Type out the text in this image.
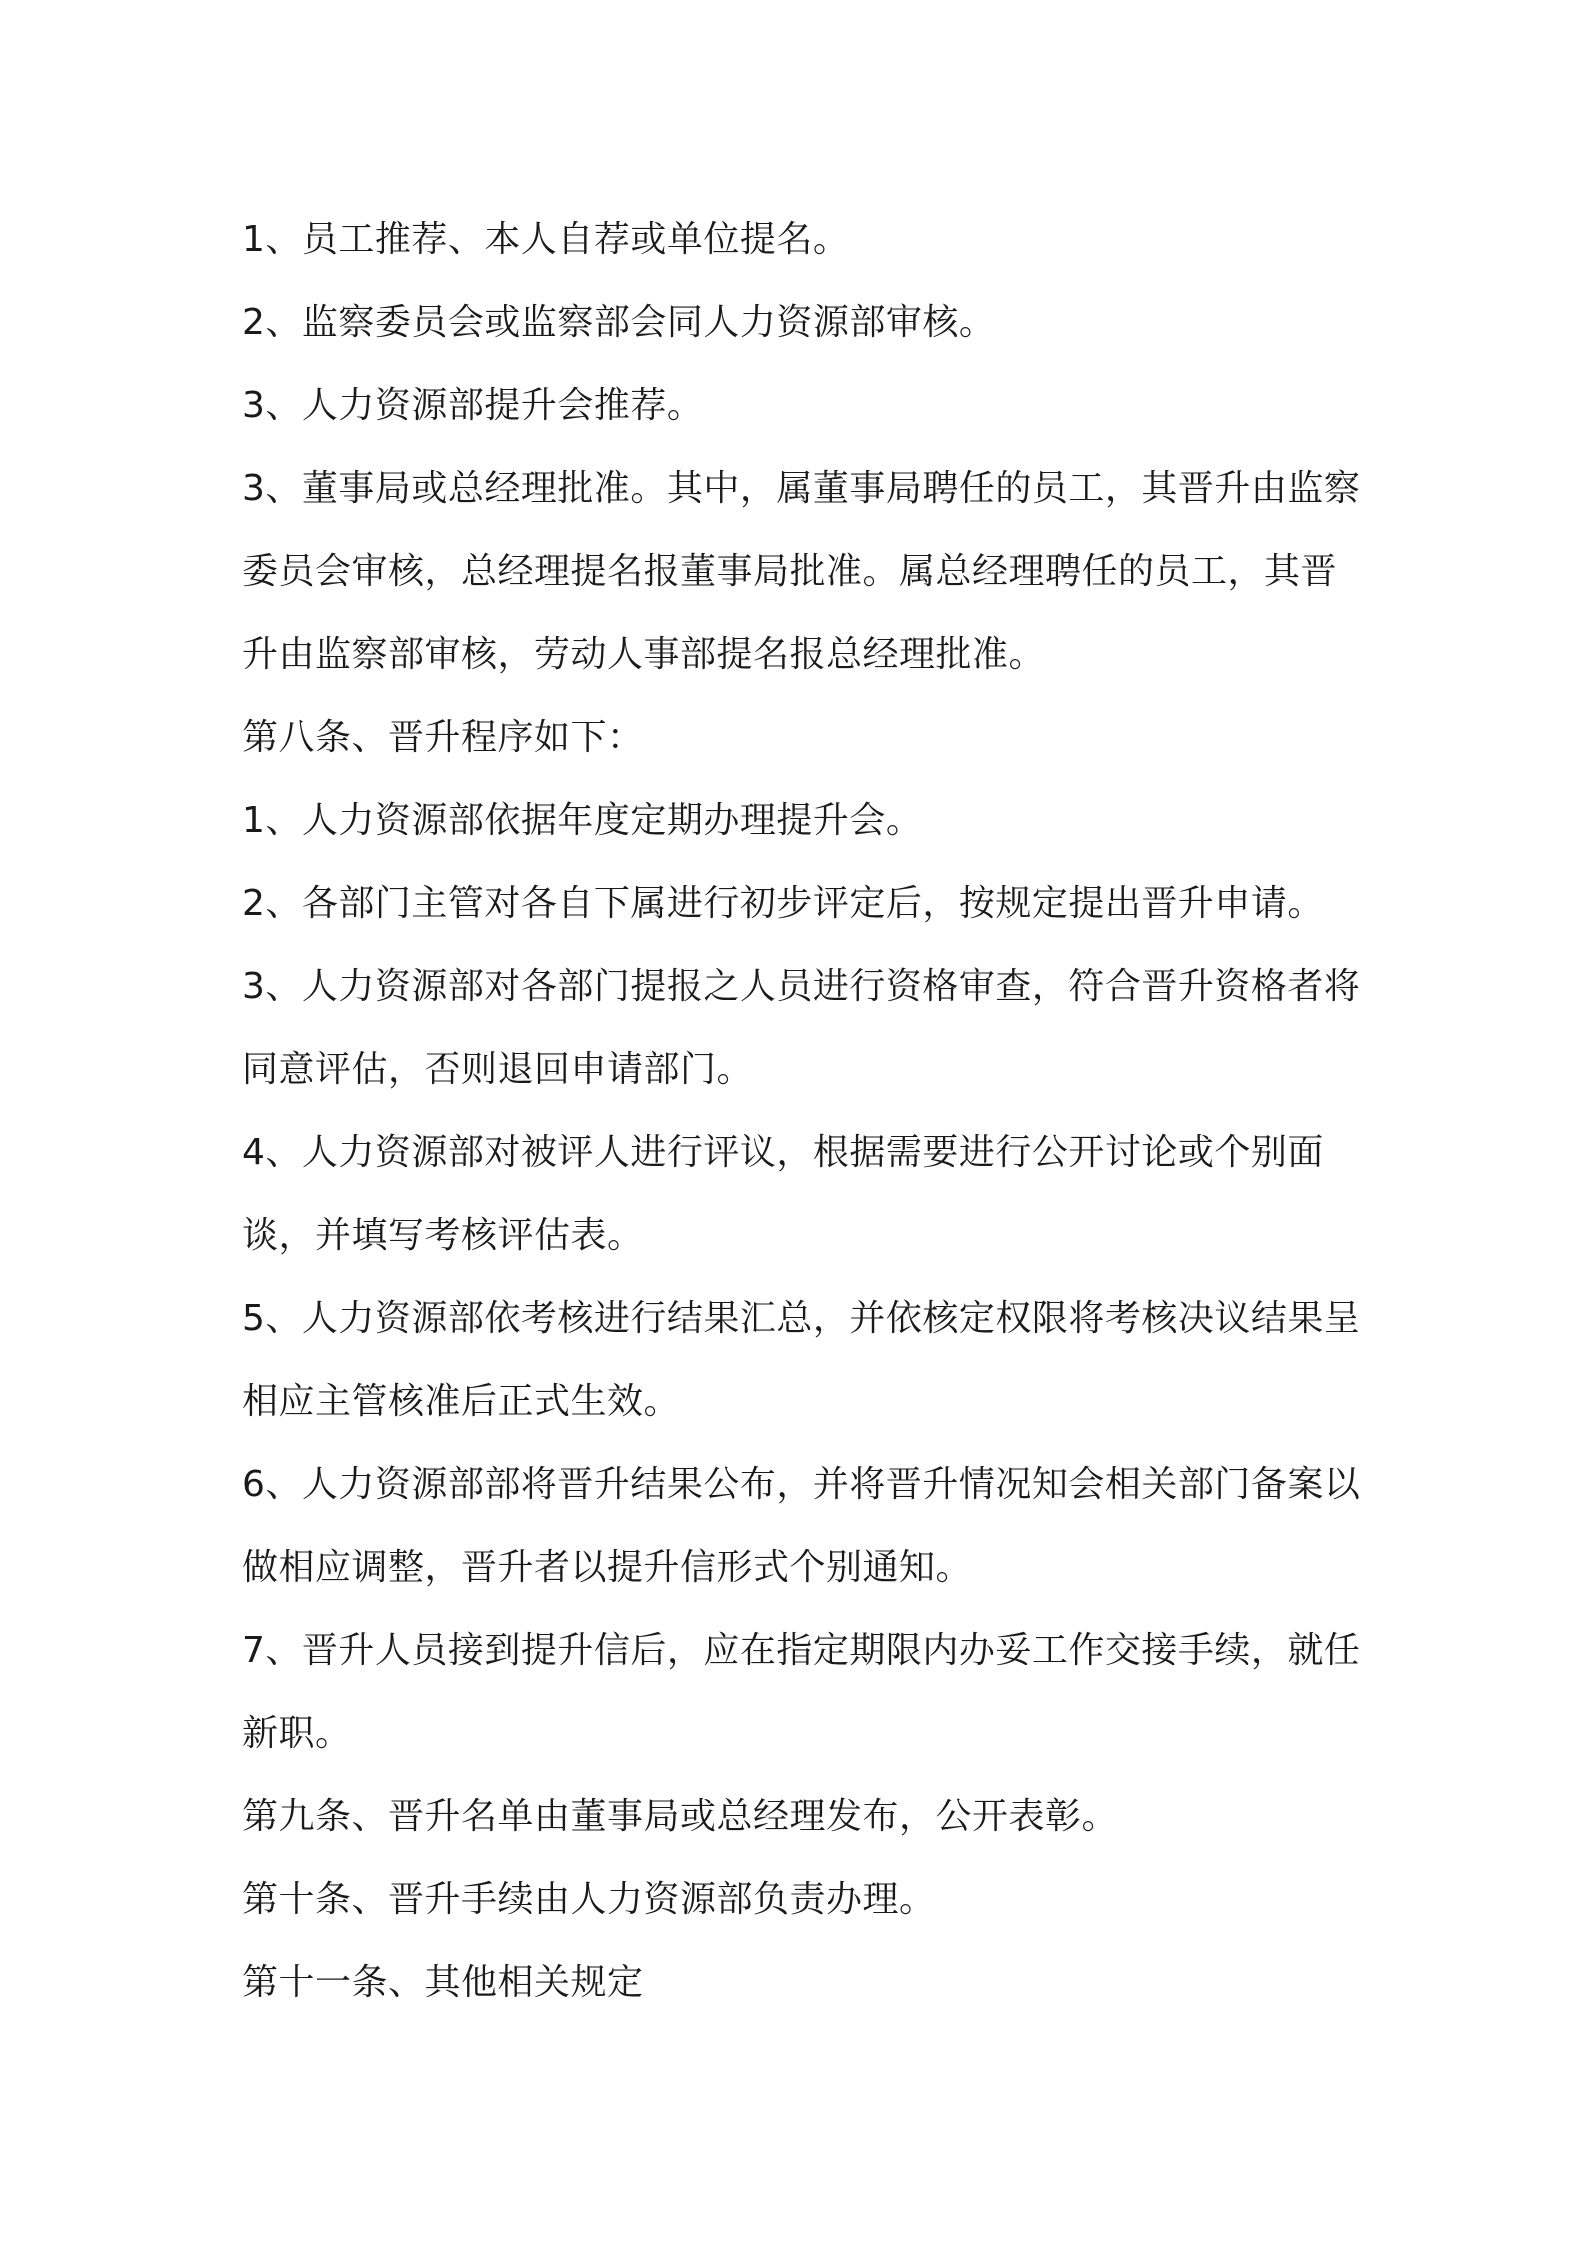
1、员工推荐、本人自荐或单位提名。

2、监察委员会或监察部会同人力资源部审核。

3、人力资源部提升会推荐。

3、董事局或总经理批准。其中，属董事局聘任的员工，其晋升由监察委员会审核，总经理提名报董事局批准。属总经理聘任的员工，其晋升由监察部审核，劳动人事部提名报总经理批准。

第八条、晋升程序如下：

1、人力资源部依据年度定期办理提升会。

2、各部门主管对各自下属进行初步评定后，按规定提出晋升申请。

3、人力资源部对各部门提报之人员进行资格审查，符合晋升资格者将同意评估，否则退回申请部门。

4、人力资源部对被评人进行评议，根据需要进行公开讨论或个别面谈，并填写考核评估表。

5、人力资源部依考核进行结果汇总，并依核定权限将考核决议结果呈相应主管核准后正式生效。

6、人力资源部部将晋升结果公布，并将晋升情况知会相关部门备案以做相应调整，晋升者以提升信形式个别通知。

7、晋升人员接到提升信后，应在指定期限内办妥工作交接手续，就任新职。

第九条、晋升名单由董事局或总经理发布，公开表彰。

第十条、晋升手续由人力资源部负责办理。

第十一条、其他相关规定
